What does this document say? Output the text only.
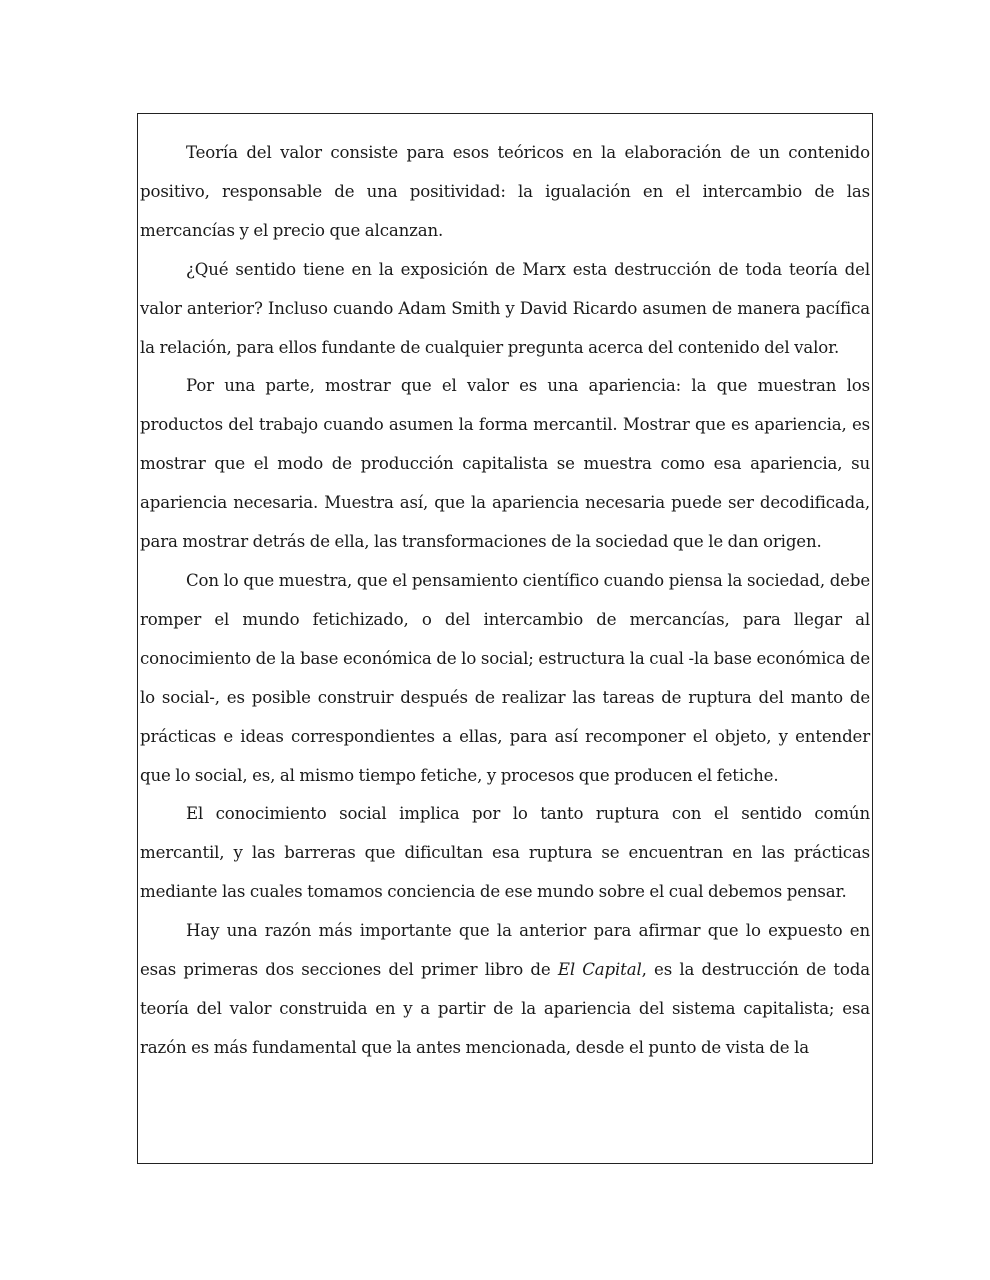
Teoría del valor consiste para esos teóricos en la elaboración de un contenido positivo, responsable de una positividad: la igualación en el intercambio de las mercancías y el precio que alcanzan.

¿Qué sentido tiene en la exposición de Marx esta destrucción de toda teoría del valor anterior? Incluso cuando Adam Smith y David Ricardo asumen de manera pacífica la relación, para ellos fundante de cualquier pregunta acerca del contenido del valor.

Por una parte, mostrar que el valor es una apariencia: la que muestran los productos del trabajo cuando asumen la forma mercantil. Mostrar que es apariencia, es mostrar que el modo de producción capitalista se muestra como esa apariencia, su apariencia necesaria. Muestra así, que la apariencia necesaria puede ser decodificada, para mostrar detrás de ella, las transformaciones de la sociedad que le dan origen.

Con lo que muestra, que el pensamiento científico cuando piensa la sociedad, debe romper el mundo fetichizado, o del intercambio de mercancías, para llegar al conocimiento de la base económica de lo social; estructura la cual -la base económica de lo social-, es posible construir después de realizar las tareas de ruptura del manto de prácticas e ideas correspondientes a ellas, para así recomponer el objeto, y entender que lo social, es, al mismo tiempo fetiche, y procesos que producen el fetiche.

El conocimiento social implica por lo tanto ruptura con el sentido común mercantil, y las barreras que dificultan esa ruptura se encuentran en las prácticas mediante las cuales tomamos conciencia de ese mundo sobre el cual debemos pensar.

Hay una razón más importante que la anterior para afirmar que lo expuesto en esas primeras dos secciones del primer libro de El Capital, es la destrucción de toda teoría del valor construida en y a partir de la apariencia del sistema capitalista; esa razón es más fundamental que la antes mencionada, desde el punto de vista de la
